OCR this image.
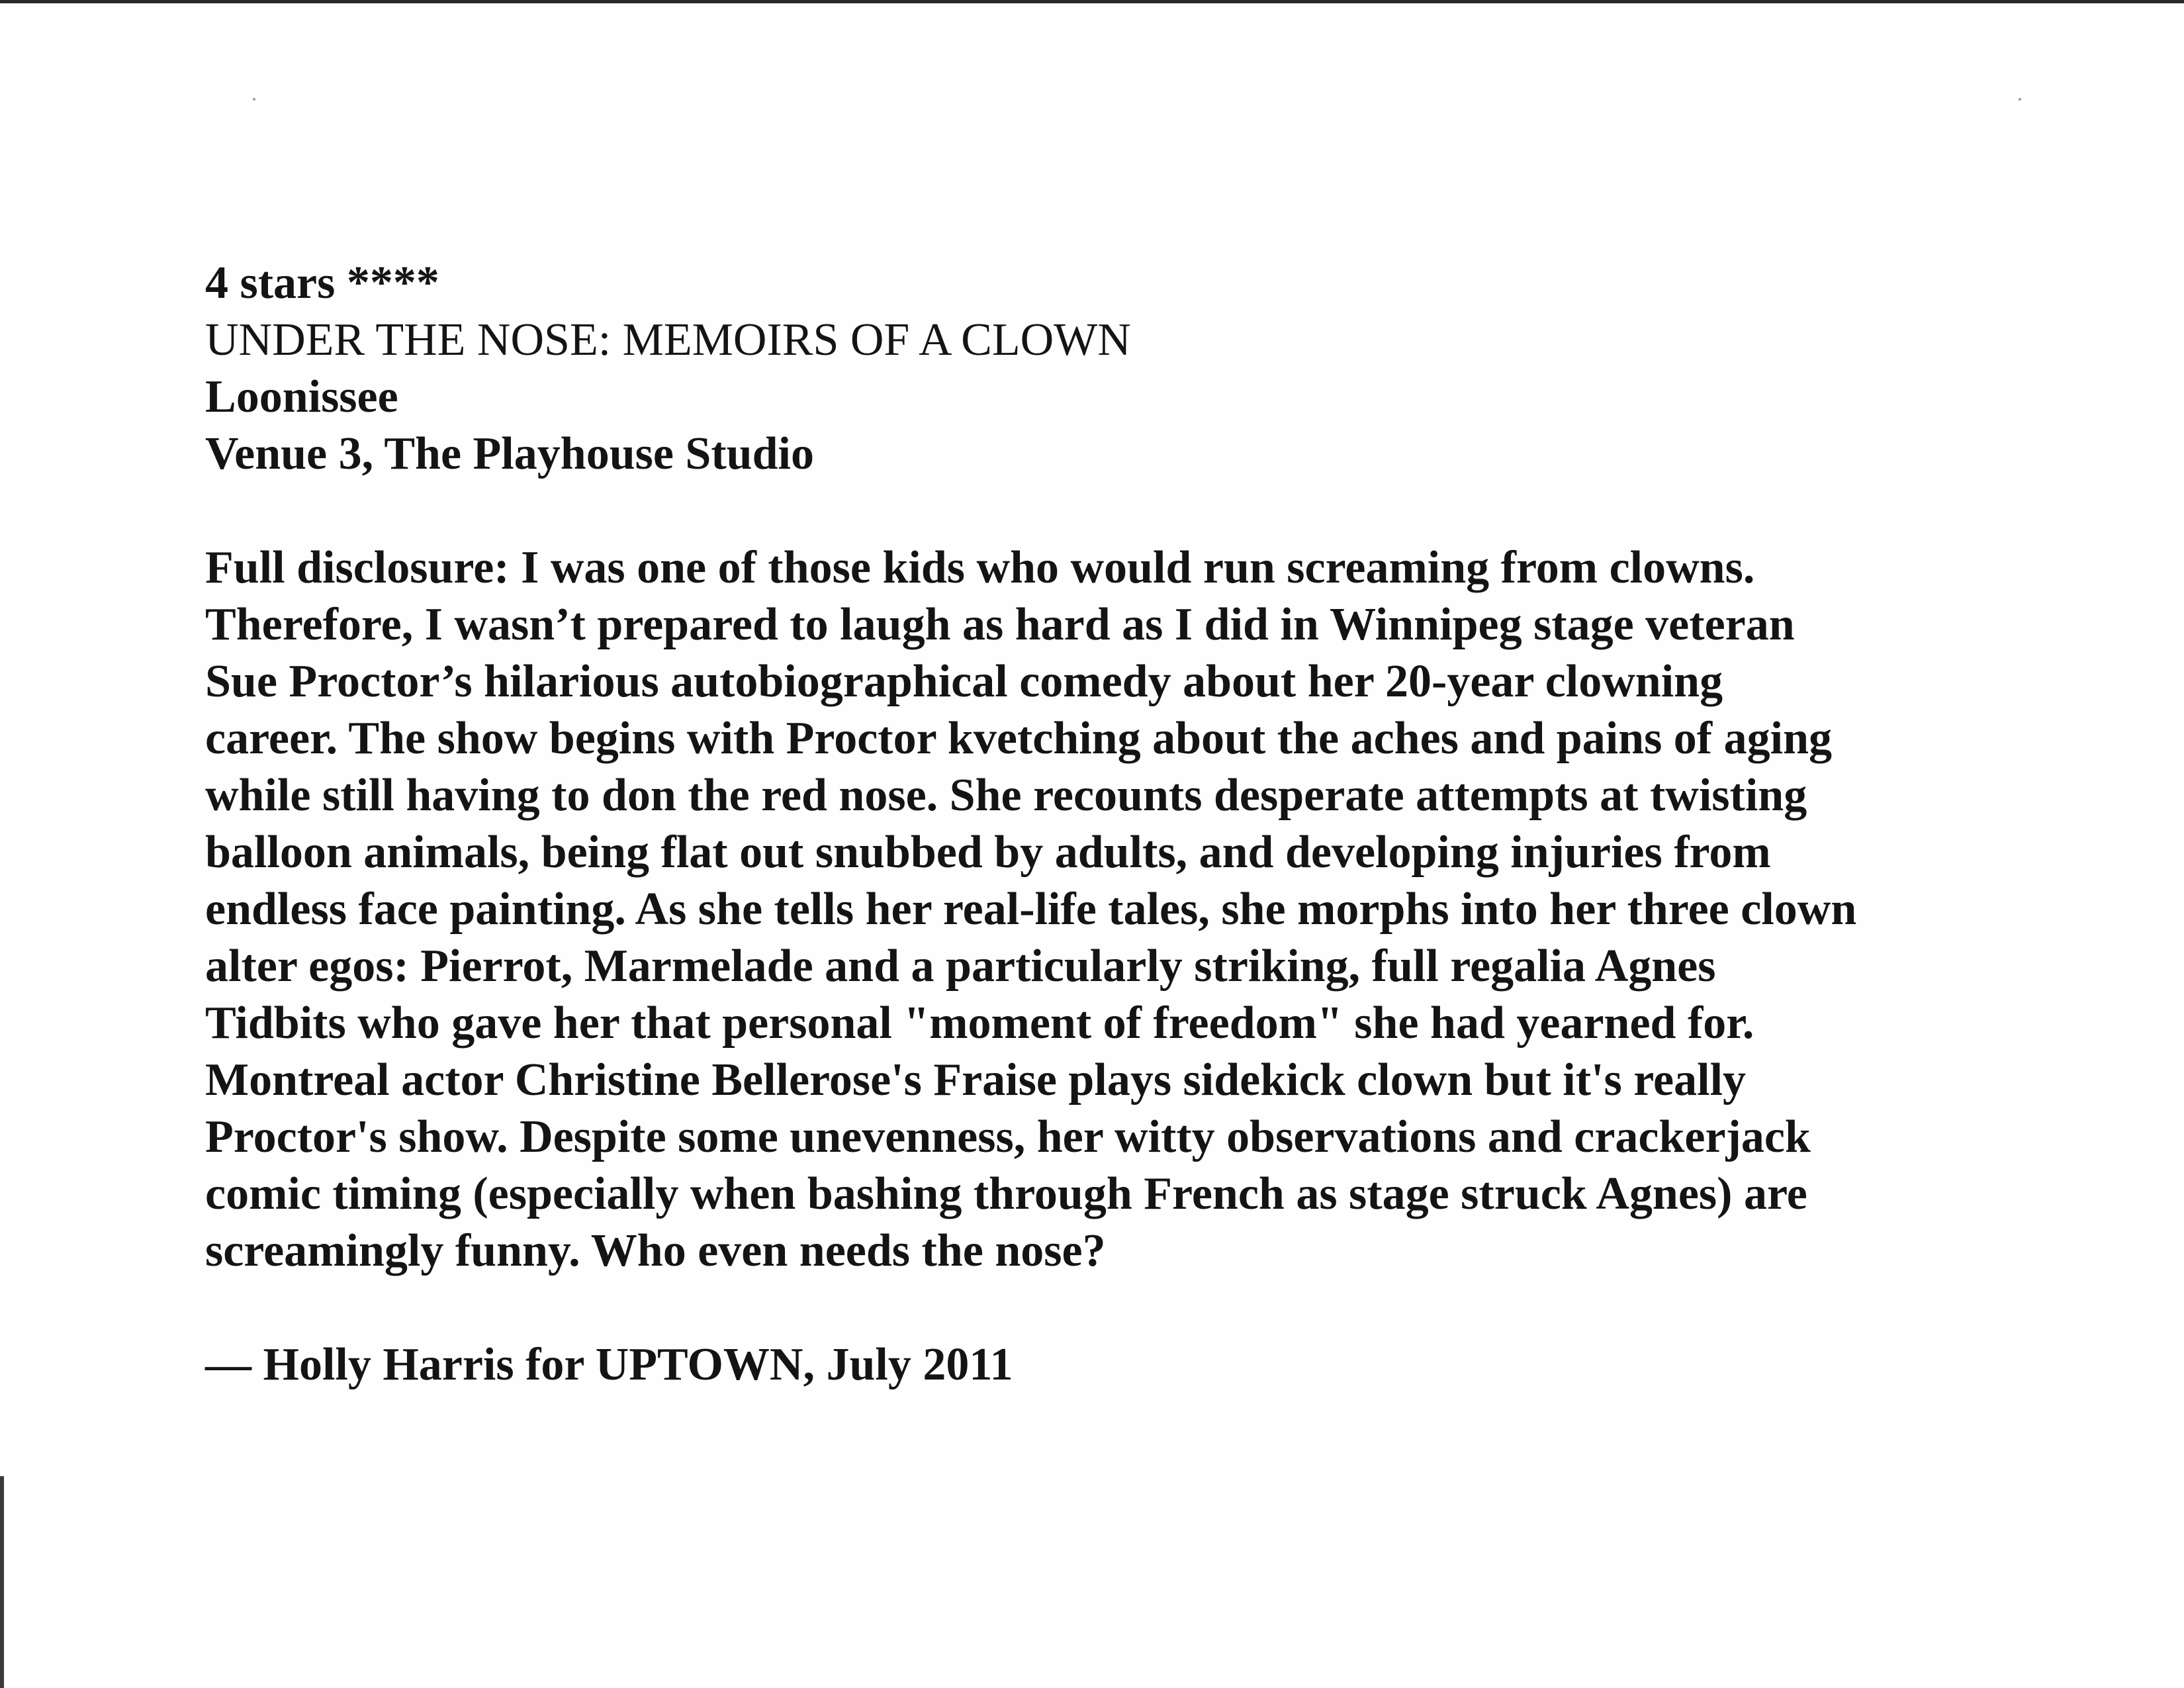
4 stars ****
UNDER THE NOSE: MEMOIRS OF A CLOWN
Loonissee
Venue 3, The Playhouse Studio
Full disclosure: I was one of those kids who would run screaming from clowns.
Therefore, I wasn’t prepared to laugh as hard as I did in Winnipeg stage veteran
Sue Proctor’s hilarious autobiographical comedy about her 20-year clowning
career. The show begins with Proctor kvetching about the aches and pains of aging
while still having to don the red nose. She recounts desperate attempts at twisting
balloon animals, being flat out snubbed by adults, and developing injuries from
endless face painting. As she tells her real-life tales, she morphs into her three clown
alter egos: Pierrot, Marmelade and a particularly striking, full regalia Agnes
Tidbits who gave her that personal "moment of freedom" she had yearned for.
Montreal actor Christine Bellerose's Fraise plays sidekick clown but it's really
Proctor's show. Despite some unevenness, her witty observations and crackerjack
comic timing (especially when bashing through French as stage struck Agnes) are
screamingly funny. Who even needs the nose?
— Holly Harris for UPTOWN, July 2011
